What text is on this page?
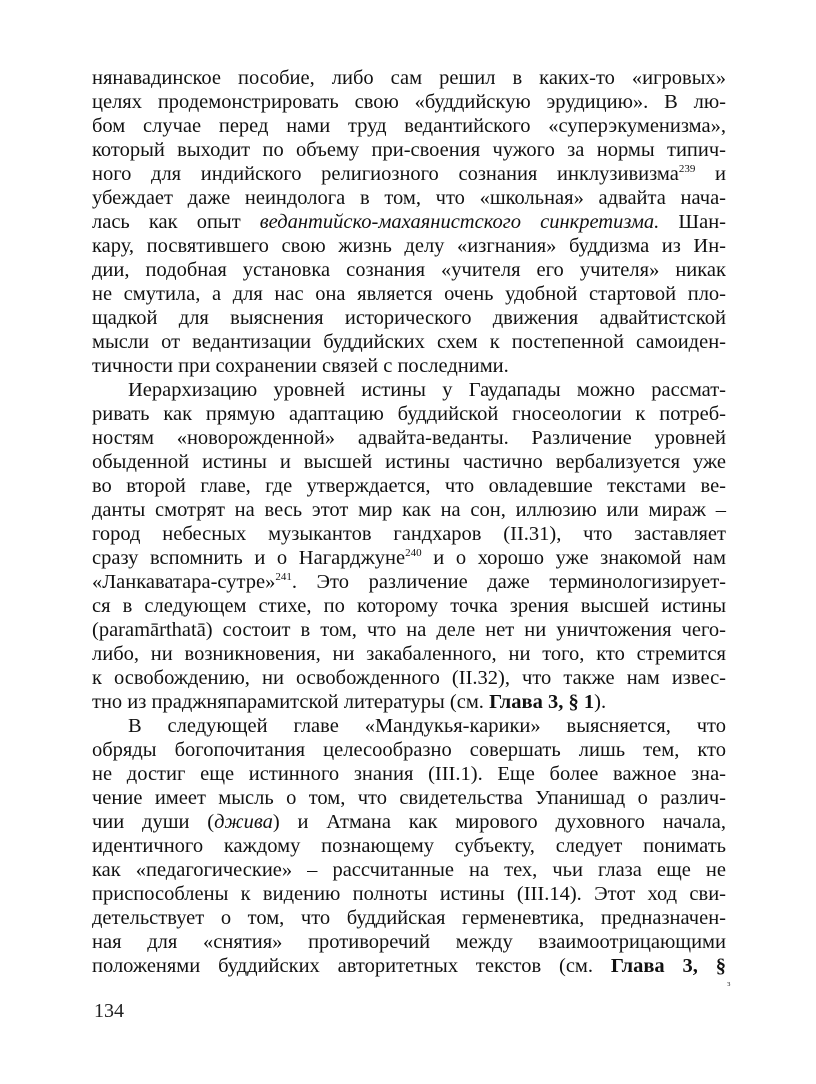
нянавадинское пособие, либо сам решил в каких-то «игровых»
целях продемонстрировать свою «буддийскую эрудицию». В лю-
бом случае перед нами труд ведантийского «суперэкуменизма»,
который выходит по объему при-своения чужого за нормы типич-
ного для индийского религиозного сознания инклузивизма$^{239}$ и
убеждает даже неиндолога в том, что «школьная» адвайта нача-
лась как опыт ведантийско-махаянистского синкретизма. Шан-
кару, посвятившего свою жизнь делу «изгнания» буддизма из Ин-
дии, подобная установка сознания «учителя его учителя» никак
не смутила, а для нас она является очень удобной стартовой пло-
щадкой для выяснения исторического движения адвайтистской
мысли от ведантизации буддийских схем к постепенной самоиден-
тичности при сохранении связей с последними.
Иерархизацию уровней истины у Гаудапады можно рассмат-
ривать как прямую адаптацию буддийской гносеологии к потреб-
ностям «новорожденной» адвайта-веданты. Различение уровней
обыденной истины и высшей истины частично вербализуется уже
во второй главе, где утверждается, что овладевшие текстами ве-
данты смотрят на весь этот мир как на сон, иллюзию или мираж –
город небесных музыкантов гандхаров (II.31), что заставляет
сразу вспомнить и о Нагарджуне$^{240}$ и о хорошо уже знакомой нам
«Ланкаватара-сутре»$^{241}$. Это различение даже терминологизирует-
ся в следующем стихе, по которому точка зрения высшей истины
(paramārthatā) состоит в том, что на деле нет ни уничтожения чего-
либо, ни возникновения, ни закабаленного, ни того, кто стремится
к освобождению, ни освобожденного (II.32), что также нам извес-
тно из праджняпарамитской литературы (см. Глава 3, § 1).
В следующей главе «Мандукья-карики» выясняется, что
обряды богопочитания целесообразно совершать лишь тем, кто
не достиг еще истинного знания (III.1). Еще более важное зна-
чение имеет мысль о том, что свидетельства Упанишад о различ-
чии души (джива) и Атмана как мирового духовного начала,
идентичного каждому познающему субъекту, следует понимать
как «педагогические» – рассчитанные на тех, чьи глаза еще не
приспособлены к видению полноты истины (III.14). Этот ход сви-
детельствует о том, что буддийская герменевтика, предназначен-
ная для «снятия» противоречий между взаимоотрицающими
положенями буддийских авторитетных текстов (см. Глава 3, §
ᵌ
134
